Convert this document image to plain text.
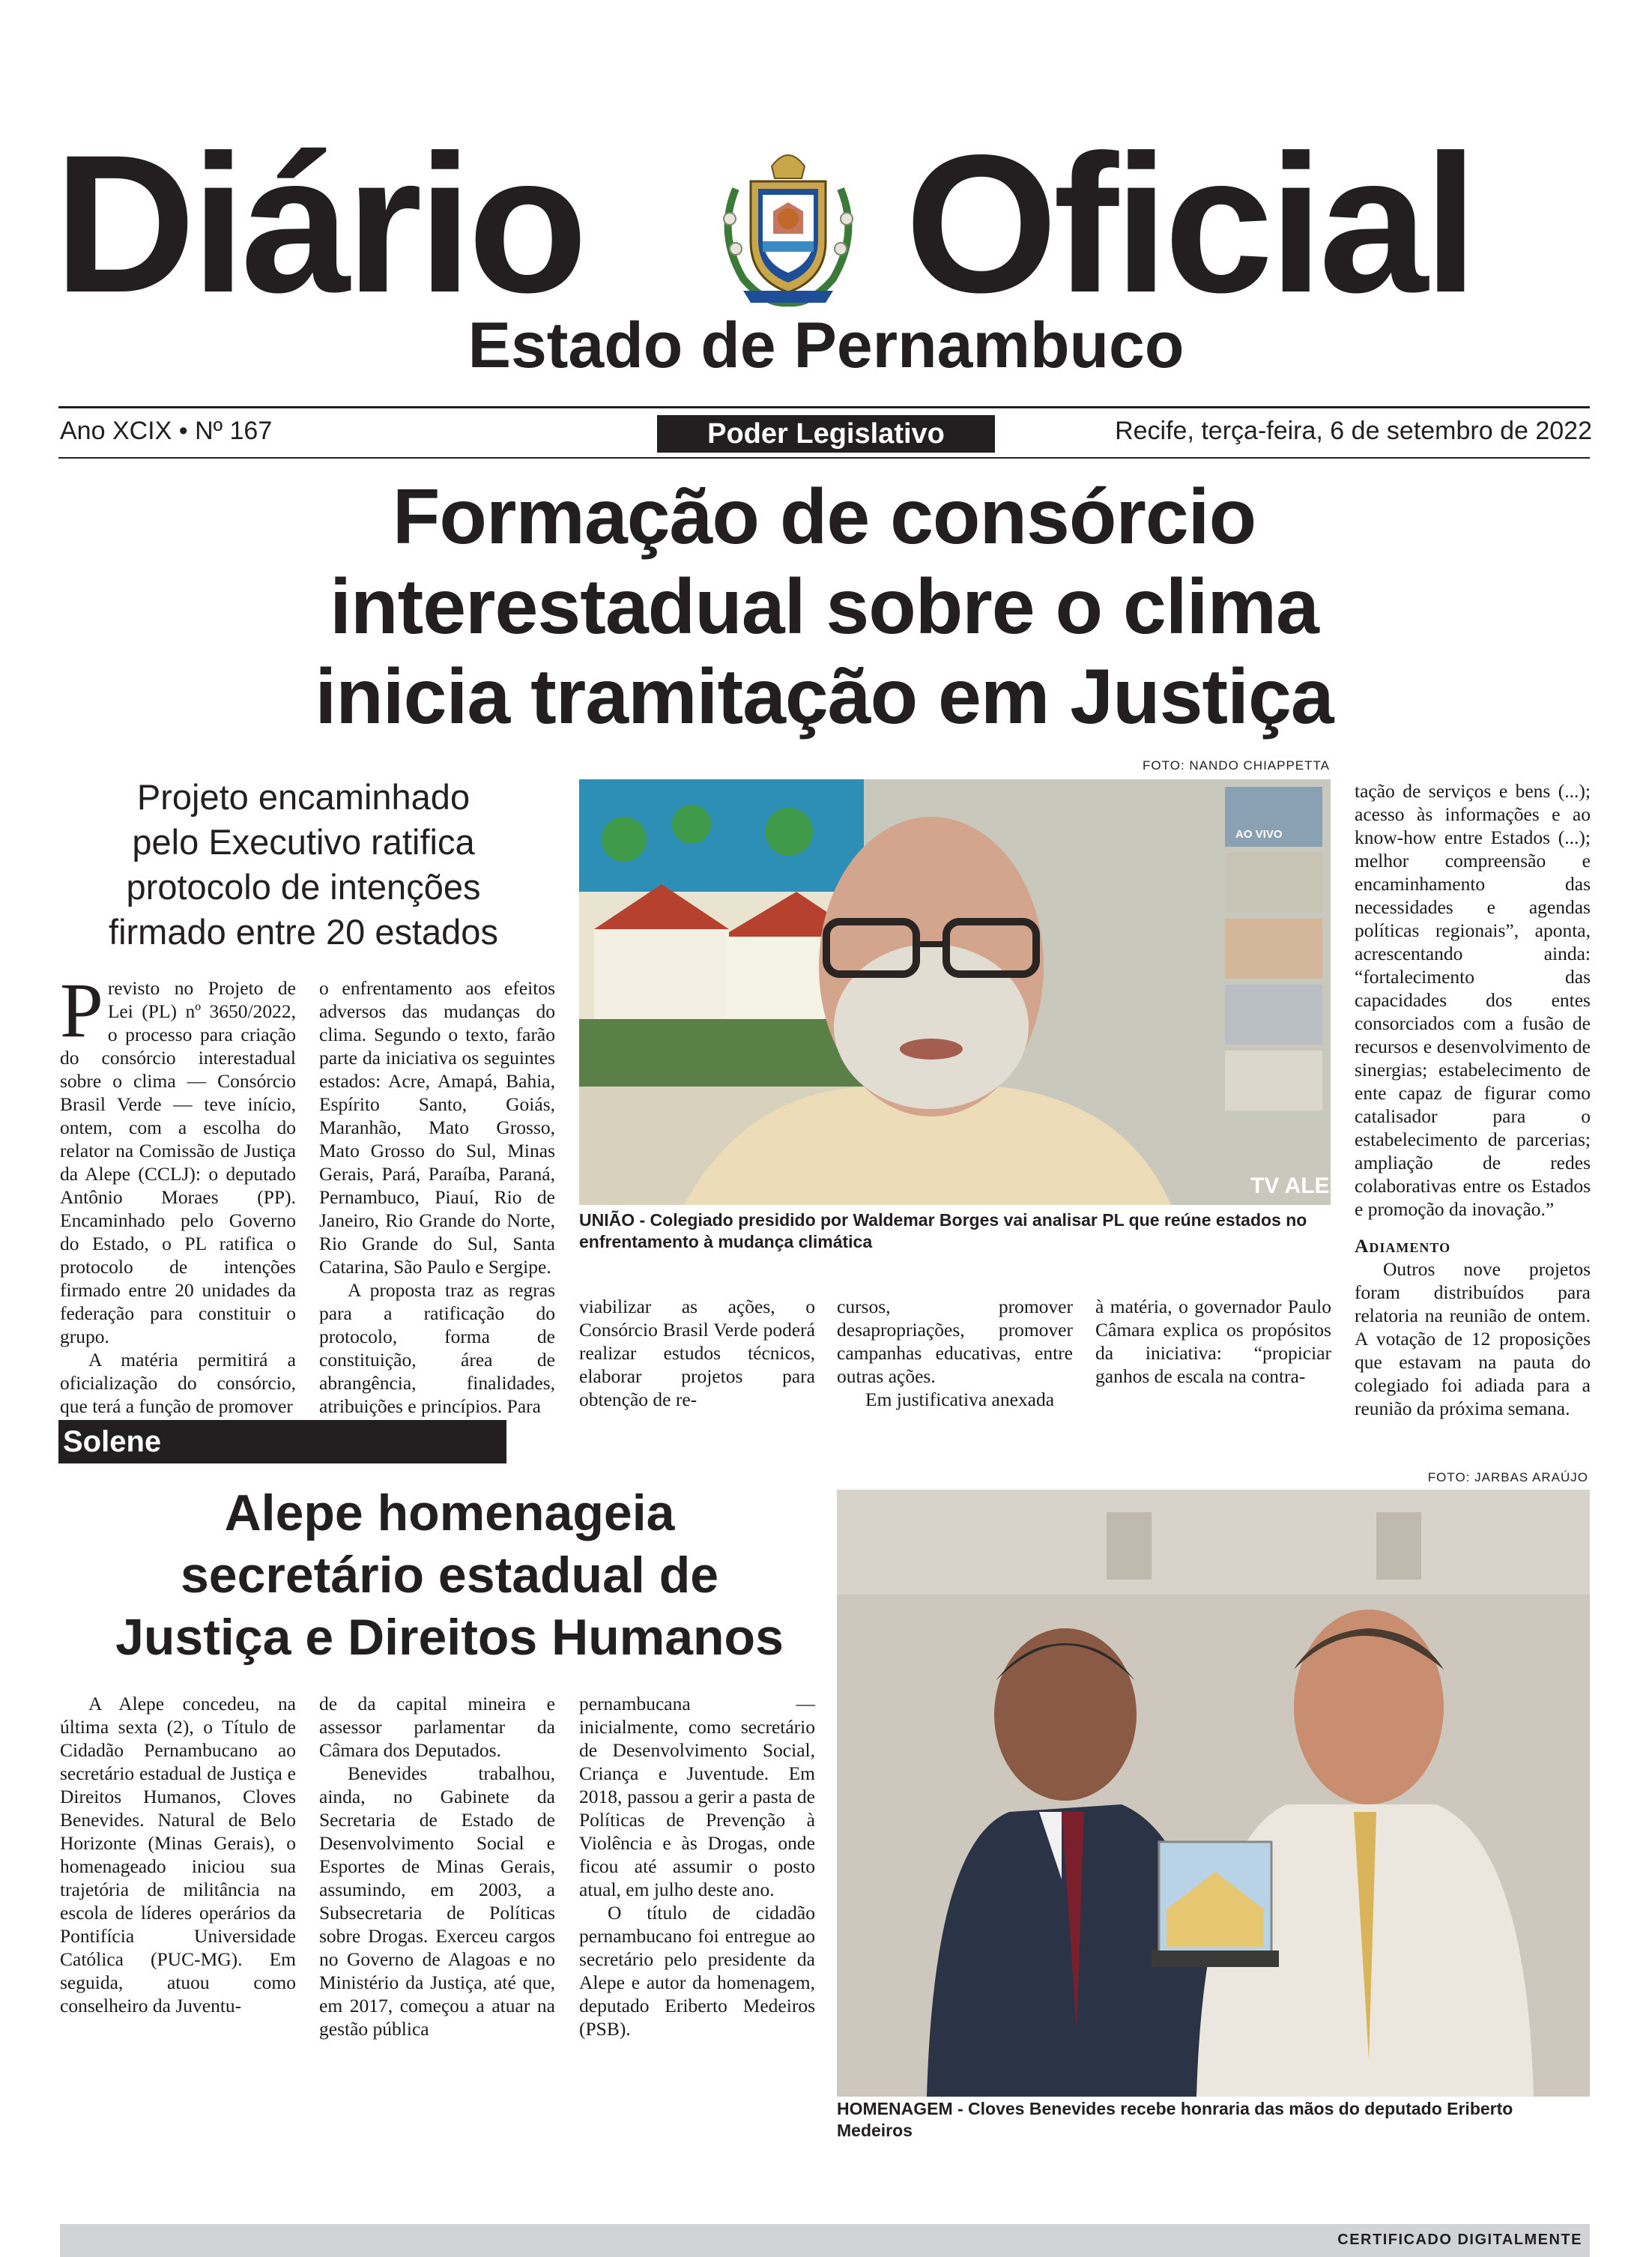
Diário Oficial
Estado de Pernambuco
Ano XCIX • Nº 167	Poder Legislativo	Recife, terça-feira, 6 de setembro de 2022
Formação de consórcio
interestadual sobre o clima
inicia tramitação em Justiça
Projeto encaminhado
pelo Executivo ratifica
protocolo de intenções
firmado entre 20 estados
FOTO: NANDO CHIAPPETTA
AO VIVO
TV ALEPE
UNIÃO - Colegiado presidido por Waldemar Borges vai analisar PL que reúne estados no enfrentamento à mudança climática

Previsto no Projeto de Lei (PL) nº 3650/2022, o processo para criação do consórcio interestadual sobre o clima — Consórcio Brasil Verde — teve início, ontem, com a escolha do relator na Comissão de Justiça da Alepe (CCLJ): o deputado Antônio Moraes (PP). Encaminhado pelo Governo do Estado, o PL ratifica o protocolo de intenções firmado entre 20 unidades da federação para constituir o grupo.

A matéria permitirá a oficialização do consórcio, que terá a função de promover

o enfrentamento aos efeitos adversos das mudanças do clima. Segundo o texto, farão parte da iniciativa os seguintes estados: Acre, Amapá, Bahia, Espírito Santo, Goiás, Maranhão, Mato Grosso, Mato Grosso do Sul, Minas Gerais, Pará, Paraíba, Paraná, Pernambuco, Piauí, Rio de Janeiro, Rio Grande do Norte, Rio Grande do Sul, Santa Catarina, São Paulo e Sergipe.

A proposta traz as regras para a ratificação do protocolo, forma de constituição, área de abrangência, finalidades, atribuições e princípios. Para

viabilizar as ações, o Consórcio Brasil Verde poderá realizar estudos técnicos, elaborar projetos para obtenção de re-

cursos, promover desapropriações, promover campanhas educativas, entre outras ações.

Em justificativa anexada

à matéria, o governador Paulo Câmara explica os propósitos da iniciativa: “propiciar ganhos de escala na contra-

tação de serviços e bens (...); acesso às informações e ao know-how entre Estados (...); melhor compreensão e encaminhamento das necessidades e agendas políticas regionais”, aponta, acrescentando ainda: “fortalecimento das capacidades dos entes consorciados com a fusão de recursos e desenvolvimento de sinergias; estabelecimento de ente capaz de figurar como catalisador para o estabelecimento de parcerias; ampliação de redes colaborativas entre os Estados e promoção da inovação.”

Adiamento

Outros nove projetos foram distribuídos para relatoria na reunião de ontem. A votação de 12 proposições que estavam na pauta do colegiado foi adiada para a reunião da próxima semana.

Solene
FOTO: JARBAS ARAÚJO
Alepe homenageia
secretário estadual de
Justiça e Direitos Humanos
HOMENAGEM - Cloves Benevides recebe honraria das mãos do deputado Eriberto Medeiros

A Alepe concedeu, na última sexta (2), o Título de Cidadão Pernambucano ao secretário estadual de Justiça e Direitos Humanos, Cloves Benevides. Natural de Belo Horizonte (Minas Gerais), o homenageado iniciou sua trajetória de militância na escola de líderes operários da Pontifícia Universidade Católica (PUC-MG). Em seguida, atuou como conselheiro da Juventu-

de da capital mineira e assessor parlamentar da Câmara dos Deputados.

Benevides trabalhou, ainda, no Gabinete da Secretaria de Estado de Desenvolvimento Social e Esportes de Minas Gerais, assumindo, em 2003, a Subsecretaria de Políticas sobre Drogas. Exerceu cargos no Governo de Alagoas e no Ministério da Justiça, até que, em 2017, começou a atuar na gestão pública

pernambucana — inicialmente, como secretário de Desenvolvimento Social, Criança e Juventude. Em 2018, passou a gerir a pasta de Políticas de Prevenção à Violência e às Drogas, onde ficou até assumir o posto atual, em julho deste ano.

O título de cidadão pernambucano foi entregue ao secretário pelo presidente da Alepe e autor da homenagem, deputado Eriberto Medeiros (PSB).

CERTIFICADO DIGITALMENTE
